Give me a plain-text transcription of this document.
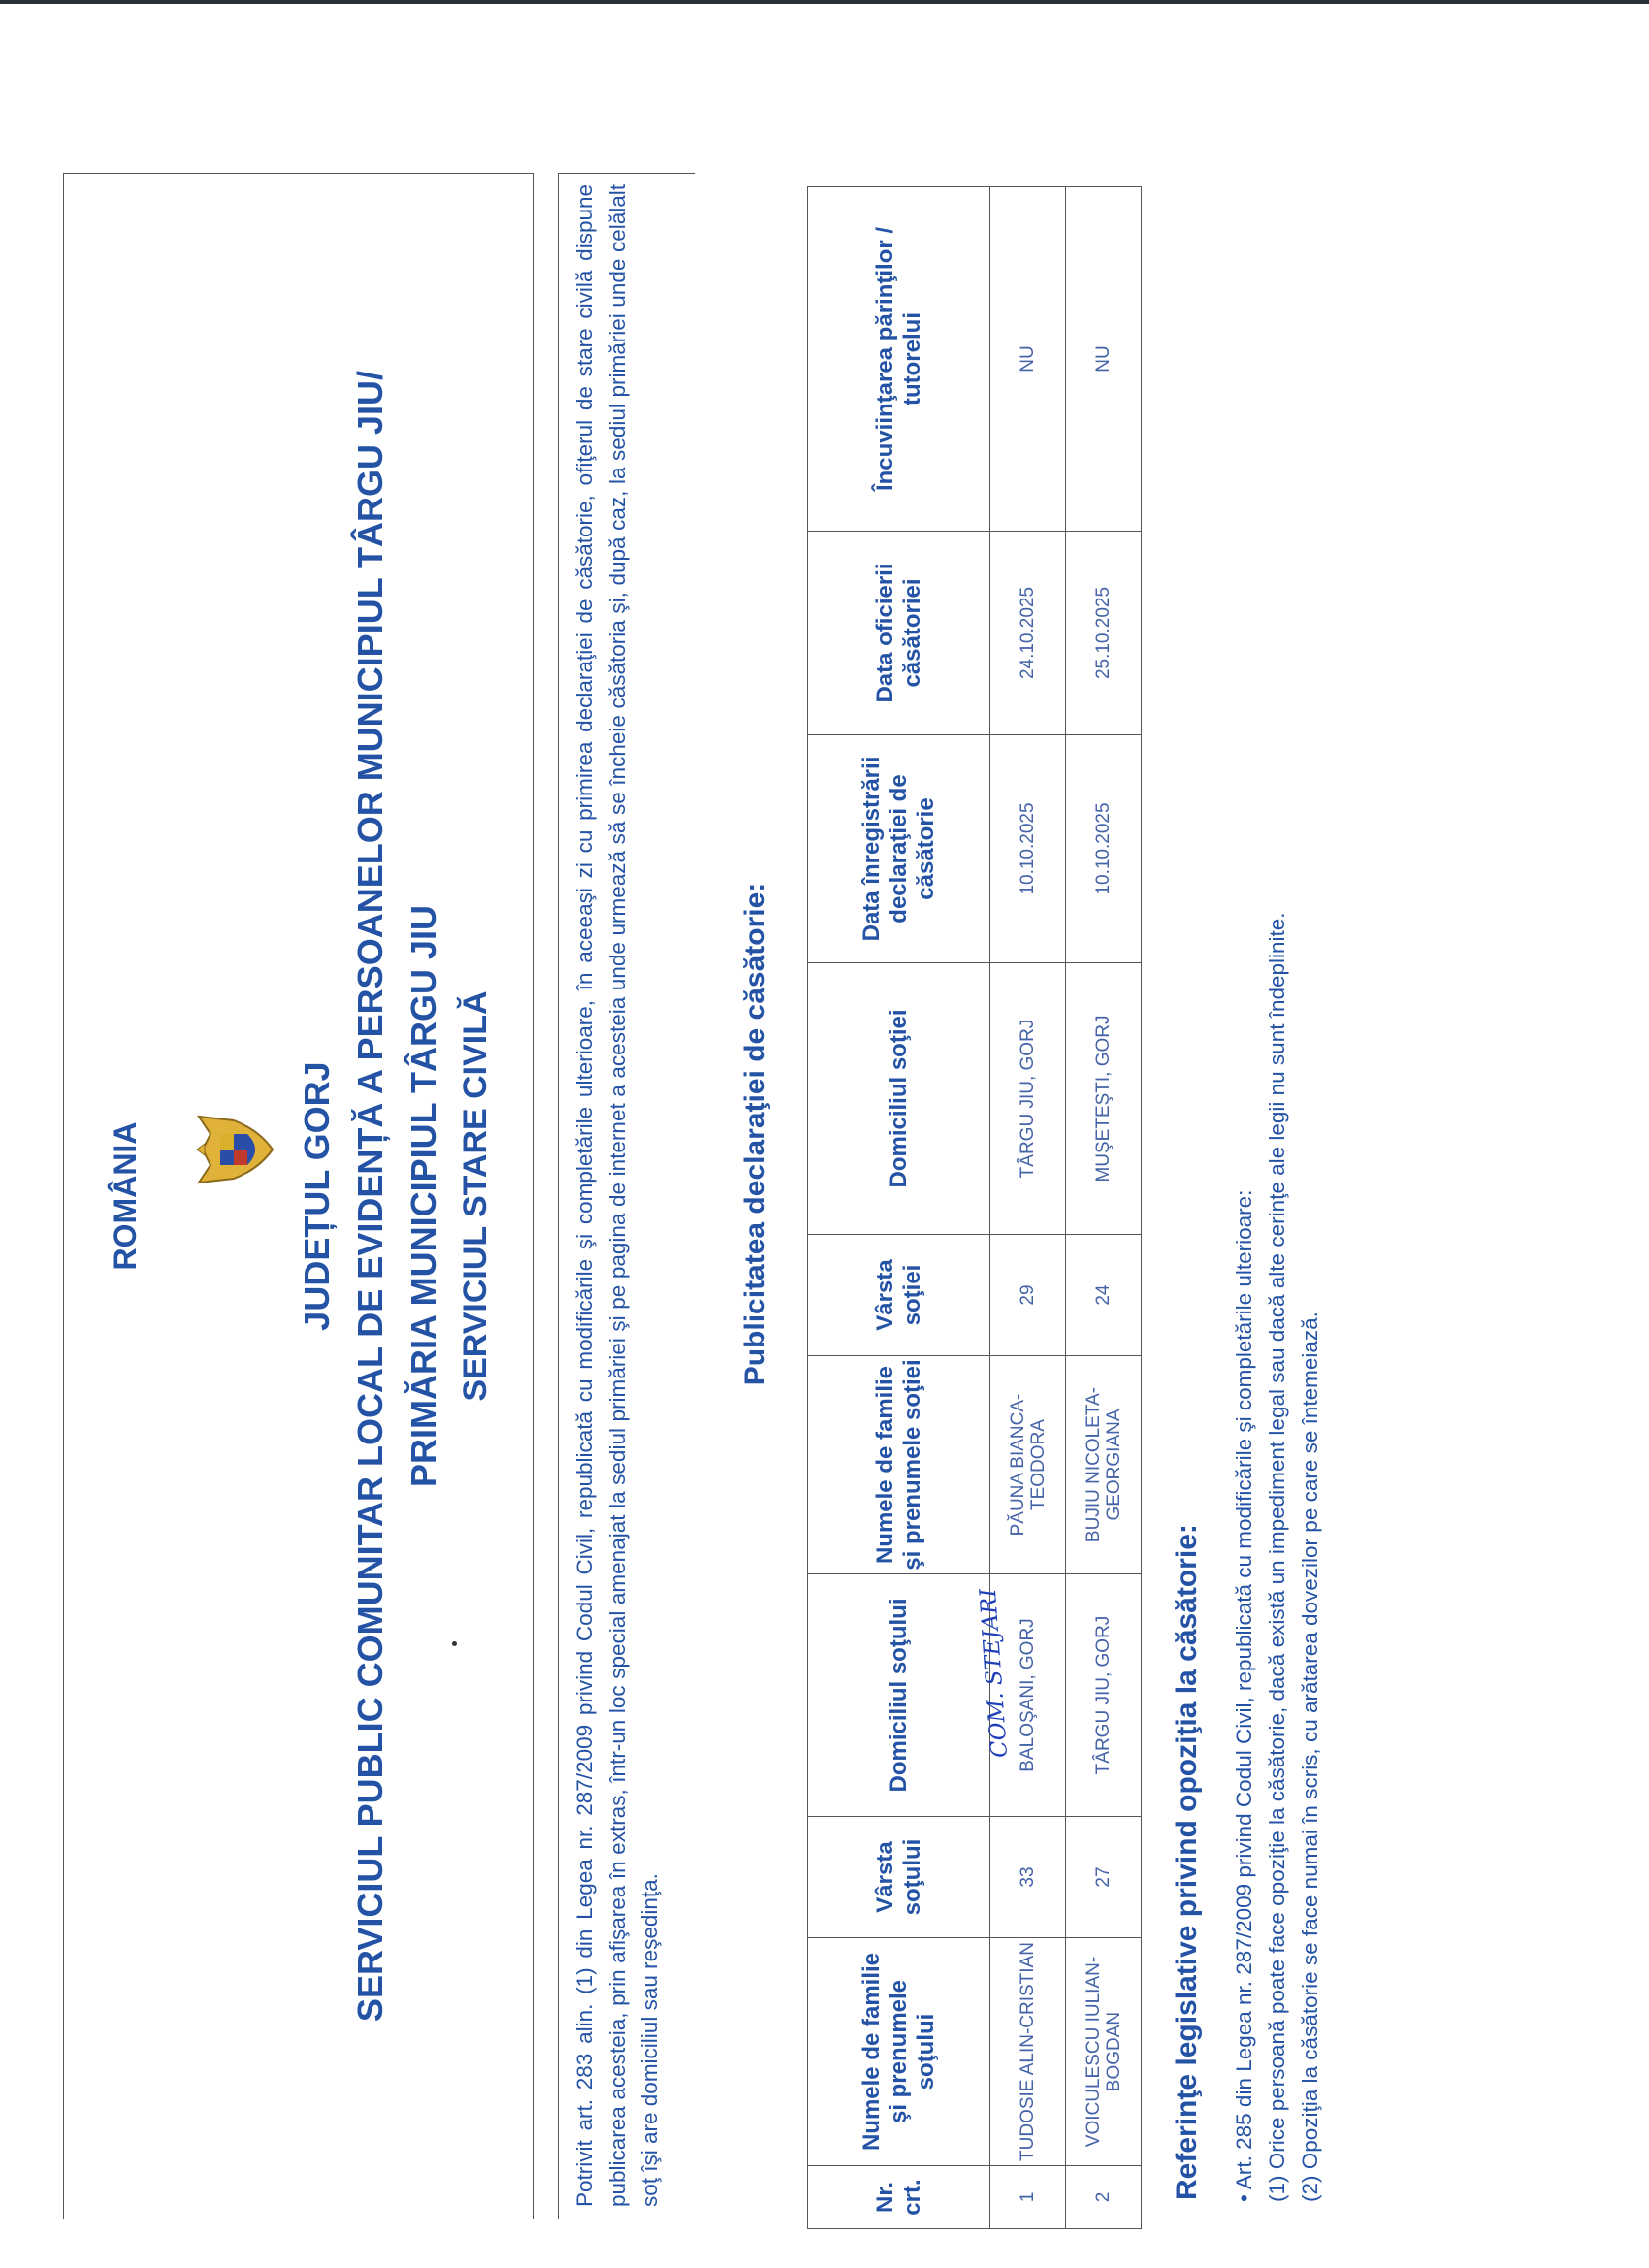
ROMÂNIA	JUDEȚUL GORJ SERVICIUL PUBLIC COMUNITAR LOCAL DE EVIDENȚĂ A PERSOANELOR MUNICIPIUL TÂRGU JIU/ PRIMĂRIA MUNICIPIUL TÂRGU JIU SERVICIUL STARE CIVILĂ	Potrivit art. 283 alin. (1) din Legea nr. 287/2009 privind Codul Civil, republicată cu modificările şi completările ulterioare, în aceeaşi zi cu primirea declaraţiei de căsătorie, ofiţerul de stare civilă dispune publicarea acesteia, prin afişarea în extras, într-un loc special amenajat la sediul primăriei şi pe pagina de internet a acesteia unde urmează să se încheie căsătoria şi, după caz, la sediul primăriei unde celălalt soţ îşi are domiciliul sau reşedinţa.
Publicitatea declaraţiei de căsătorie:
Nr. crt.	Numele de familie şi prenumele soţului	Vârsta soţului	Domiciliul soţului	Numele de familie şi prenumele soţiei	Vârsta soţiei	Domiciliul soţiei	Data înregistrării declaraţiei de căsătorie	Data oficierii căsătoriei	Încuviinţarea părinţilor / tutorelui
1	TUDOSIE ALIN-CRISTIAN	33	COM. STEJARI BALOŞANI, GORJ	PĂUNA BIANCA-TEODORA	29	TÂRGU JIU, GORJ	10.10.2025	24.10.2025	NU
2	VOICULESCU IULIAN-BOGDAN	27	TÂRGU JIU, GORJ	BUJIU NICOLETA-GEORGIANA	24	MUŞETEŞTI, GORJ	10.10.2025	25.10.2025	NU
Referinţe legislative privind opoziţia la căsătorie: • Art. 285 din Legea nr. 287/2009 privind Codul Civil, republicată cu modificările şi completările ulterioare: (1) Orice persoană poate face opoziţie la căsătorie, dacă există un impediment legal sau dacă alte cerinţe ale legii nu sunt îndeplinite. (2) Opoziţia la căsătorie se face numai în scris, cu arătarea dovezilor pe care se întemeiază.
